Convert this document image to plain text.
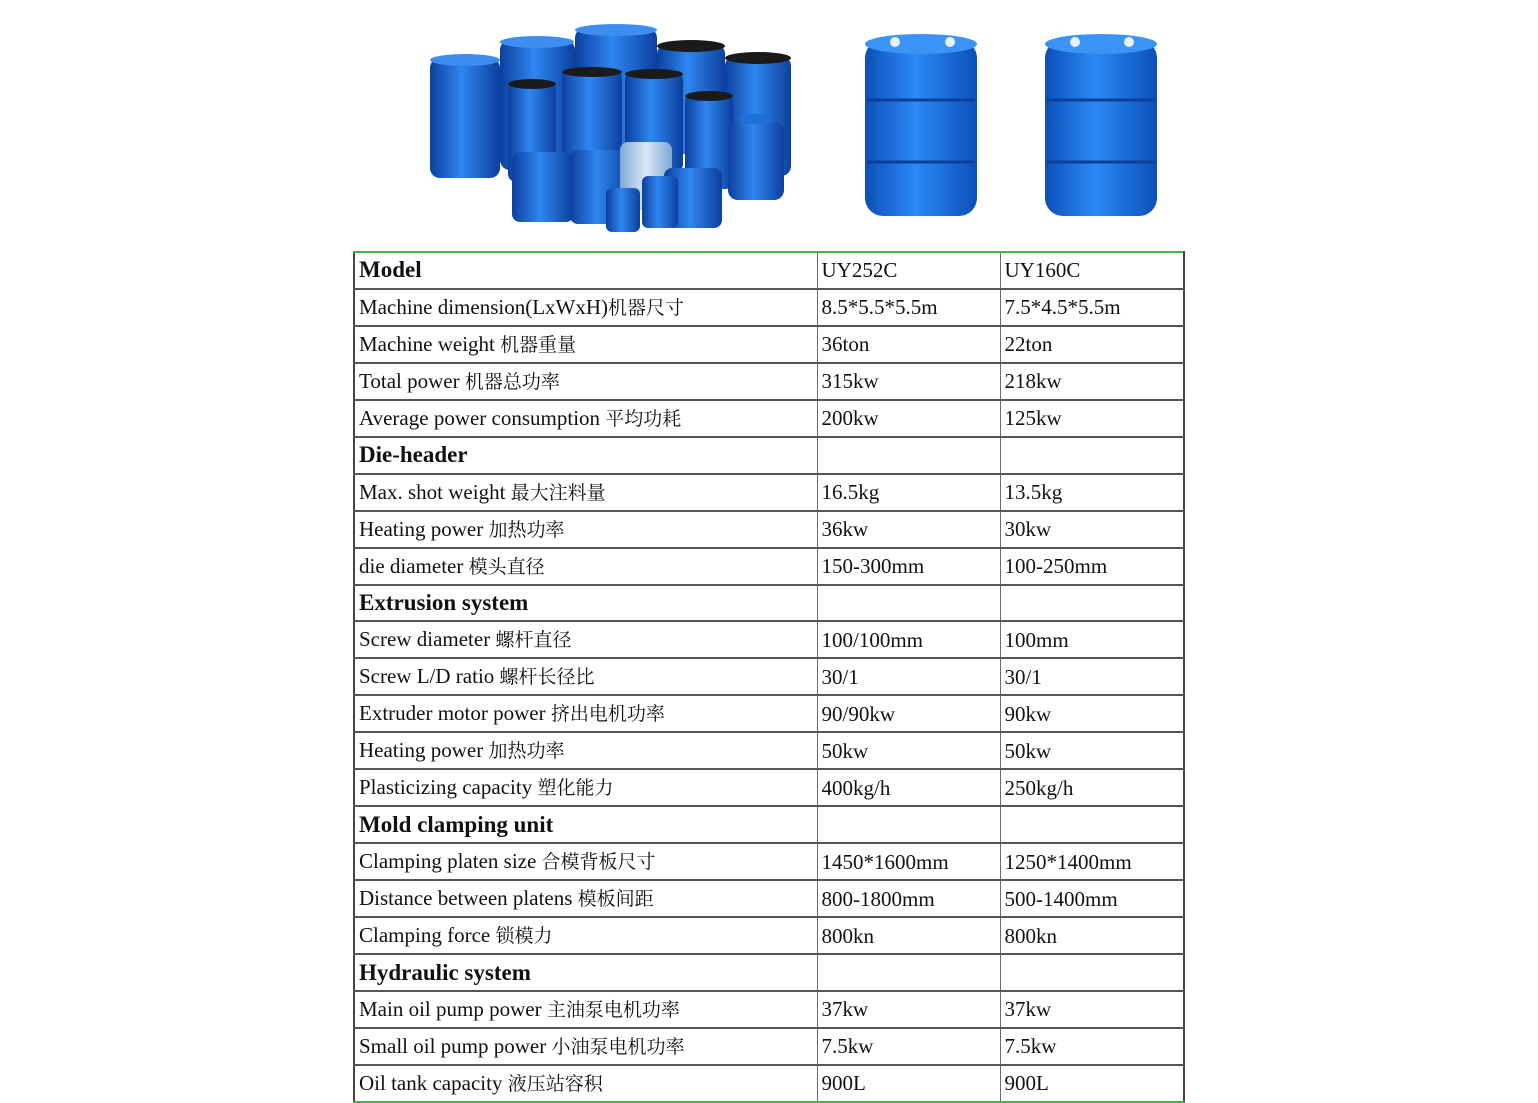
Model	UY252C	UY160C
Machine dimension(LxWxH)机器尺寸	8.5*5.5*5.5m	7.5*4.5*5.5m
Machine weight 机器重量	36ton	22ton
Total power 机器总功率	315kw	218kw
Average power consumption 平均功耗	200kw	125kw
Die-header		
Max. shot weight 最大注料量	16.5kg	13.5kg
Heating power 加热功率	36kw	30kw
die diameter 模头直径	150-300mm	100-250mm
Extrusion system		
Screw diameter 螺杆直径	100/100mm	100mm
Screw L/D ratio 螺杆长径比	30/1	30/1
Extruder motor power 挤出电机功率	90/90kw	90kw
Heating power 加热功率	50kw	50kw
Plasticizing capacity 塑化能力	400kg/h	250kg/h
Mold clamping unit		
Clamping platen size 合模背板尺寸	1450*1600mm	1250*1400mm
Distance between platens 模板间距	800-1800mm	500-1400mm
Clamping force 锁模力	800kn	800kn
Hydraulic system		
Main oil pump power 主油泵电机功率	37kw	37kw
Small oil pump power 小油泵电机功率	7.5kw	7.5kw
Oil tank capacity 液压站容积	900L	900L
